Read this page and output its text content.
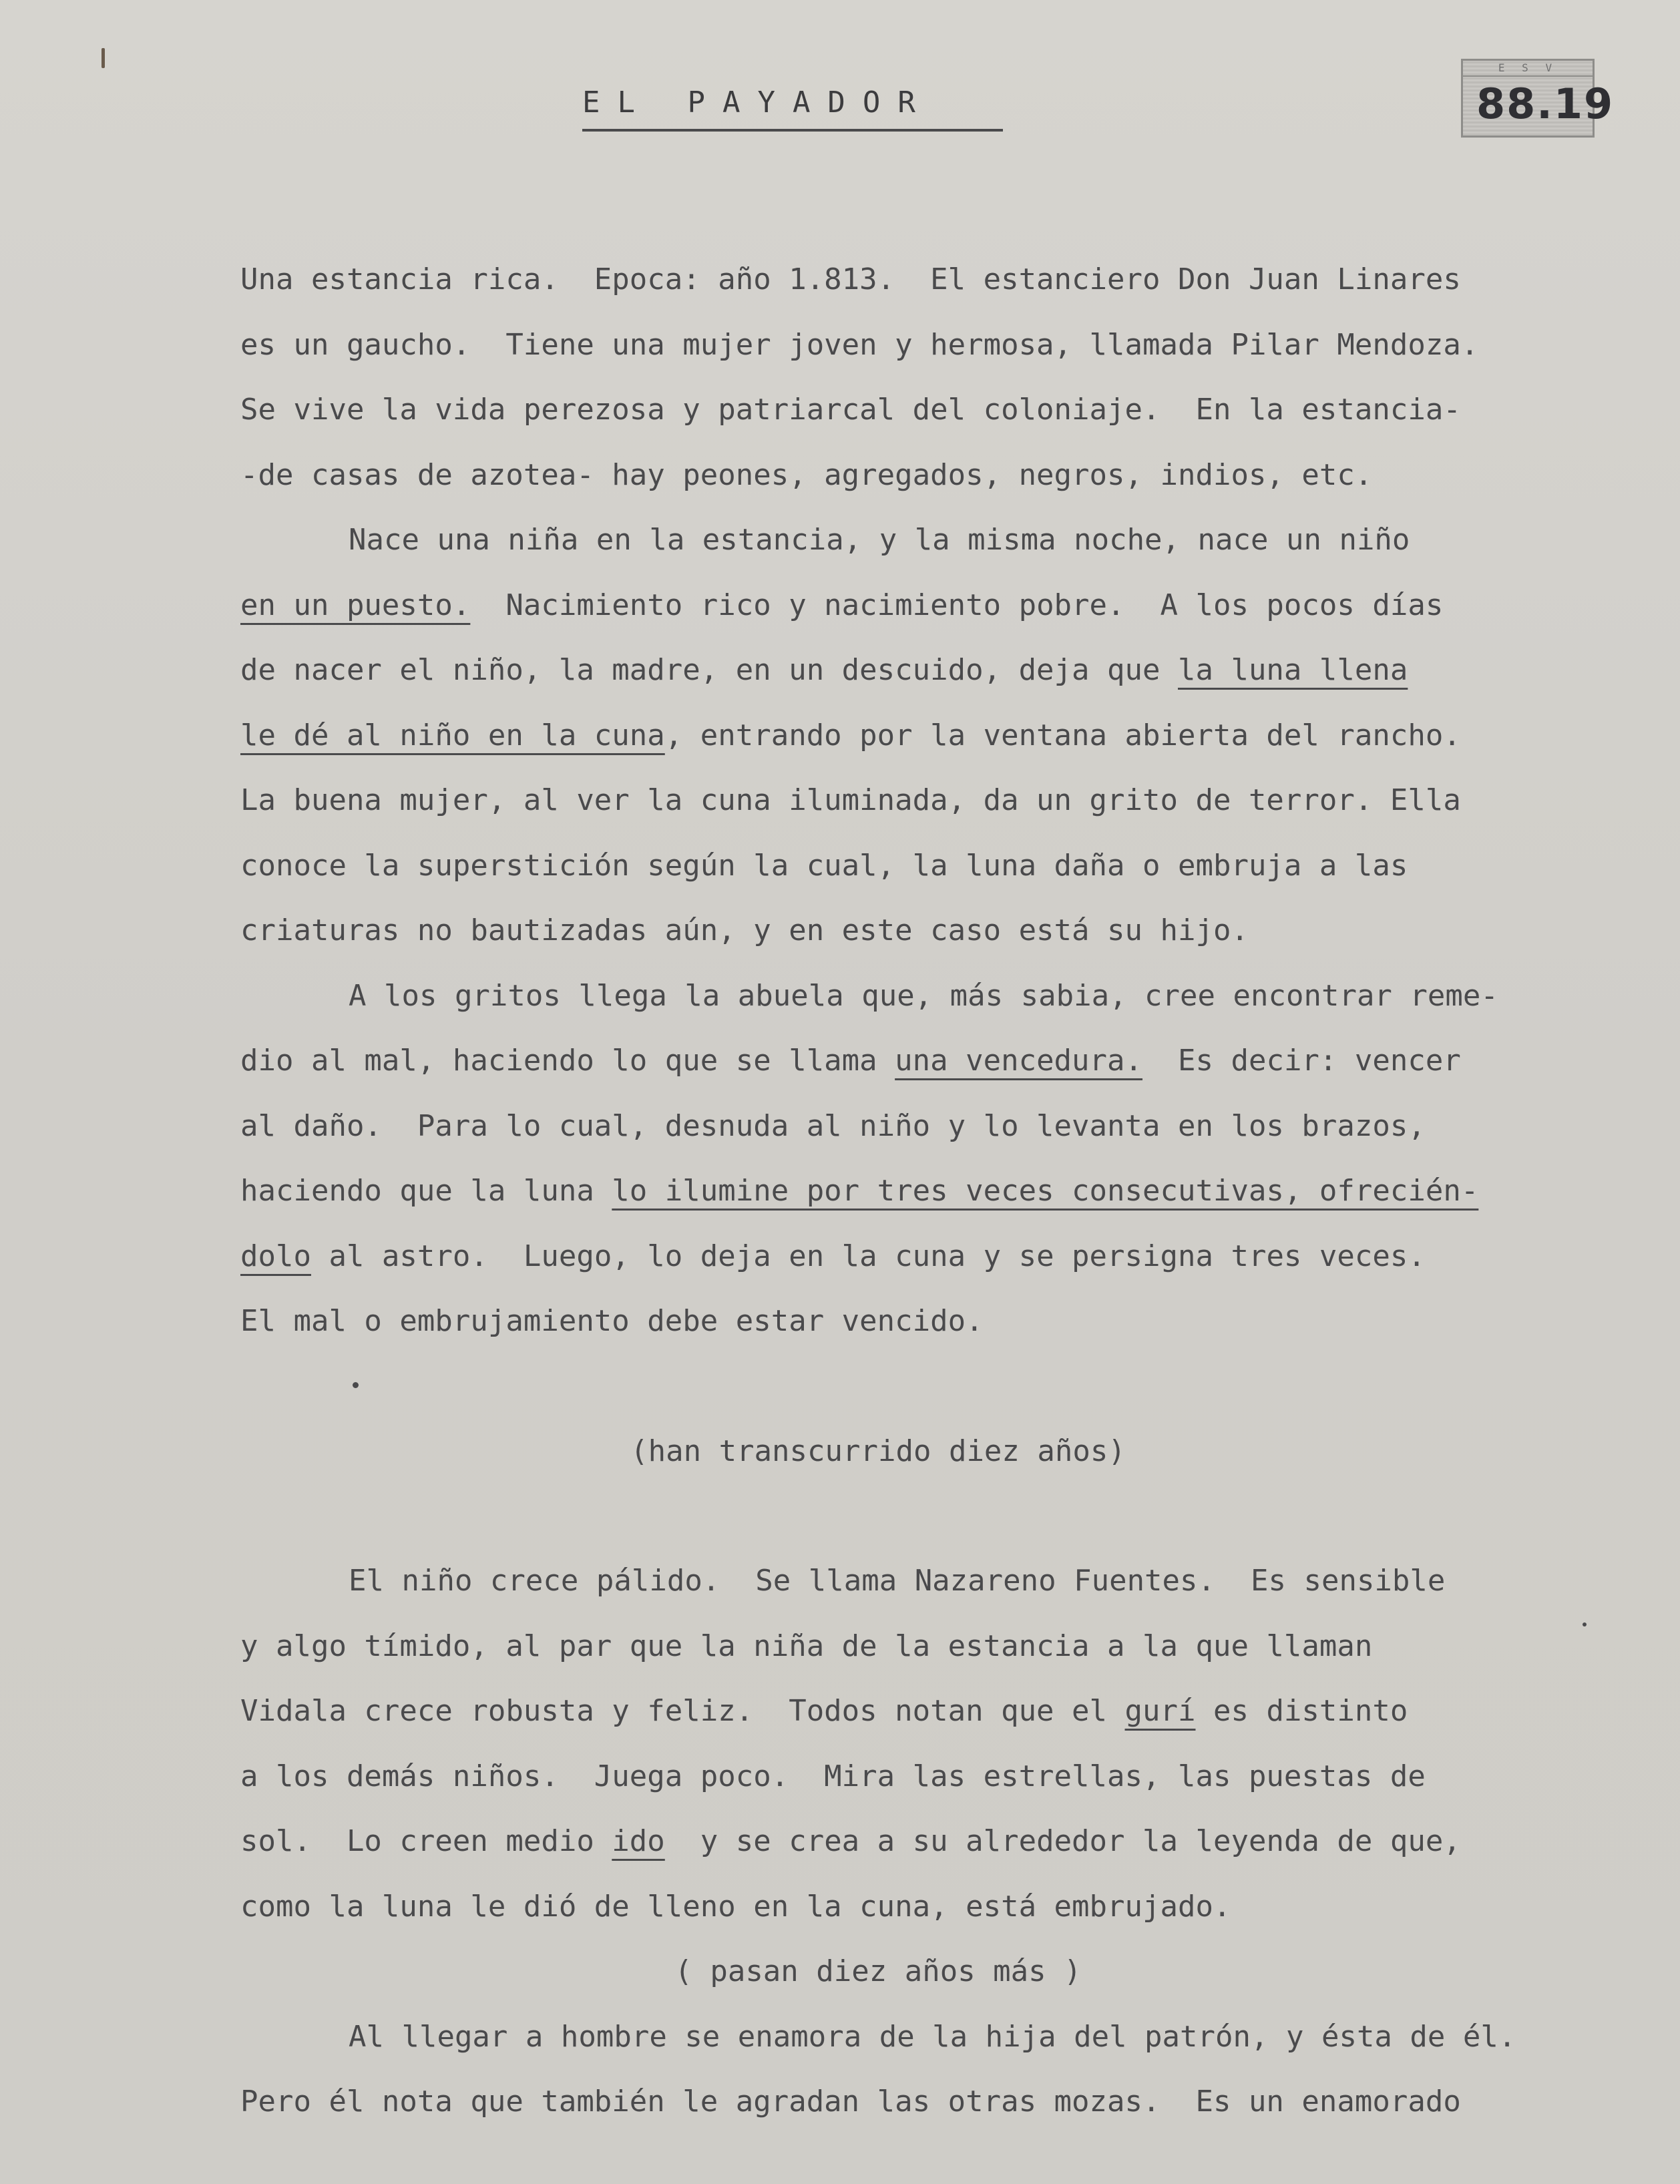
EL PAYADOR
E S V
88.19
Una estancia rica.  Epoca: año 1.813.  El estanciero Don Juan Linares
es un gaucho.  Tiene una mujer joven y hermosa, llamada Pilar Mendoza.
Se vive la vida perezosa y patriarcal del coloniaje.  En la estancia-
-de casas de azotea- hay peones, agregados, negros, indios, etc.
Nace una niña en la estancia, y la misma noche, nace un niño
en un puesto.  Nacimiento rico y nacimiento pobre.  A los pocos días
de nacer el niño, la madre, en un descuido, deja que la luna llena
le dé al niño en la cuna, entrando por la ventana abierta del rancho.
La buena mujer, al ver la cuna iluminada, da un grito de terror. Ella
conoce la superstición según la cual, la luna daña o embruja a las
criaturas no bautizadas aún, y en este caso está su hijo.
A los gritos llega la abuela que, más sabia, cree encontrar reme-
dio al mal, haciendo lo que se llama una vencedura.  Es decir: vencer
al daño.  Para lo cual, desnuda al niño y lo levanta en los brazos,
haciendo que la luna lo ilumine por tres veces consecutivas, ofrecién-
dolo al astro.  Luego, lo deja en la cuna y se persigna tres veces.
El mal o embrujamiento debe estar vencido.
(han transcurrido diez años)
El niño crece pálido.  Se llama Nazareno Fuentes.  Es sensible
y algo tímido, al par que la niña de la estancia a la que llaman
Vidala crece robusta y feliz.  Todos notan que el gurí es distinto
a los demás niños.  Juega poco.  Mira las estrellas, las puestas de
sol.  Lo creen medio ido  y se crea a su alrededor la leyenda de que,
como la luna le dió de lleno en la cuna, está embrujado.
( pasan diez años más )
Al llegar a hombre se enamora de la hija del patrón, y ésta de él.
Pero él nota que también le agradan las otras mozas.  Es un enamorado
